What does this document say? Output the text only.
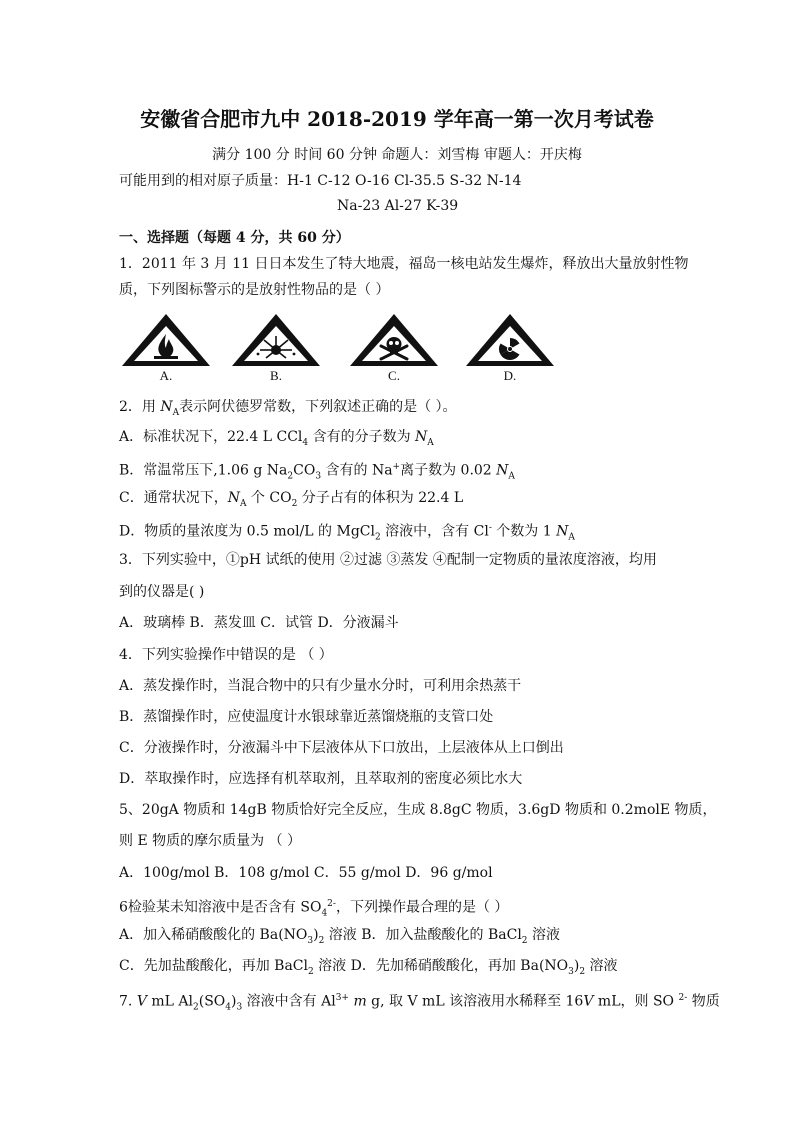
安徽省合肥市九中 2018-2019 学年高一第一次月考试卷
满分 100 分 时间 60 分钟 命题人：刘雪梅 审题人：开庆梅
可能用到的相对原子质量：H-1 C-12 O-16 Cl-35.5 S-32 N-14
Na-23 Al-27 K-39
一、选择题（每题 4 分，共 60 分）
1．2011 年 3 月 11 日日本发生了特大地震，福岛一核电站发生爆炸，释放出大量放射性物
质，下列图标警示的是放射性物品的是（ ）
A.	B.	C.	D.
2．用 $N_A$表示阿伏德罗常数，下列叙述正确的是（ ）。
A．标准状况下，22.4 L CCl$_4$ 含有的分子数为 $N_A$
B．常温常压下,1.06 g $Na_2CO_3$ 含有的 Na+离子数为 0.02 $N_A$
C．通常状况下，$N_A$ 个 $CO_2$ 分子占有的体积为 22.4 L
D．物质的量浓度为 0.5 mol/L 的 MgCl$_2$ 溶液中，含有 Cl- 个数为 1 $N_A$
3．下列实验中，①pH 试纸的使用 ②过滤 ③蒸发 ④配制一定物质的量浓度溶液，均用
到的仪器是( )
A．玻璃棒 B．蒸发皿 C．试管 D．分液漏斗
4．下列实验操作中错误的是 （ ）
A．蒸发操作时，当混合物中的只有少量水分时，可利用余热蒸干
B．蒸馏操作时，应使温度计水银球靠近蒸馏烧瓶的支管口处
C．分液操作时，分液漏斗中下层液体从下口放出，上层液体从上口倒出
D．萃取操作时，应选择有机萃取剂，且萃取剂的密度必须比水大
5、20gA 物质和 14gB 物质恰好完全反应，生成 8.8gC 物质，3.6gD 物质和 0.2molE 物质，
则 E 物质的摩尔质量为 （ ）
A．100g/mol B．108 g/mol C．55 g/mol D．96 g/mol
6检验某未知溶液中是否含有 $SO_4^{2-}$，下列操作最合理的是（ ）
A．加入稀硝酸酸化的 $Ba(NO_3)_2$ 溶液 B．加入盐酸酸化的 BaCl$_2$ 溶液
C．先加盐酸酸化，再加 BaCl$_2$ 溶液 D．先加稀硝酸酸化，再加 $Ba(NO_3)_2$ 溶液
7. V mL $Al_2(SO_4)_3$ 溶液中含有 $Al^{3+}$ m g, 取 V mL 该溶液用水稀释至 16V mL，则 SO $^{2-}$ 物质
